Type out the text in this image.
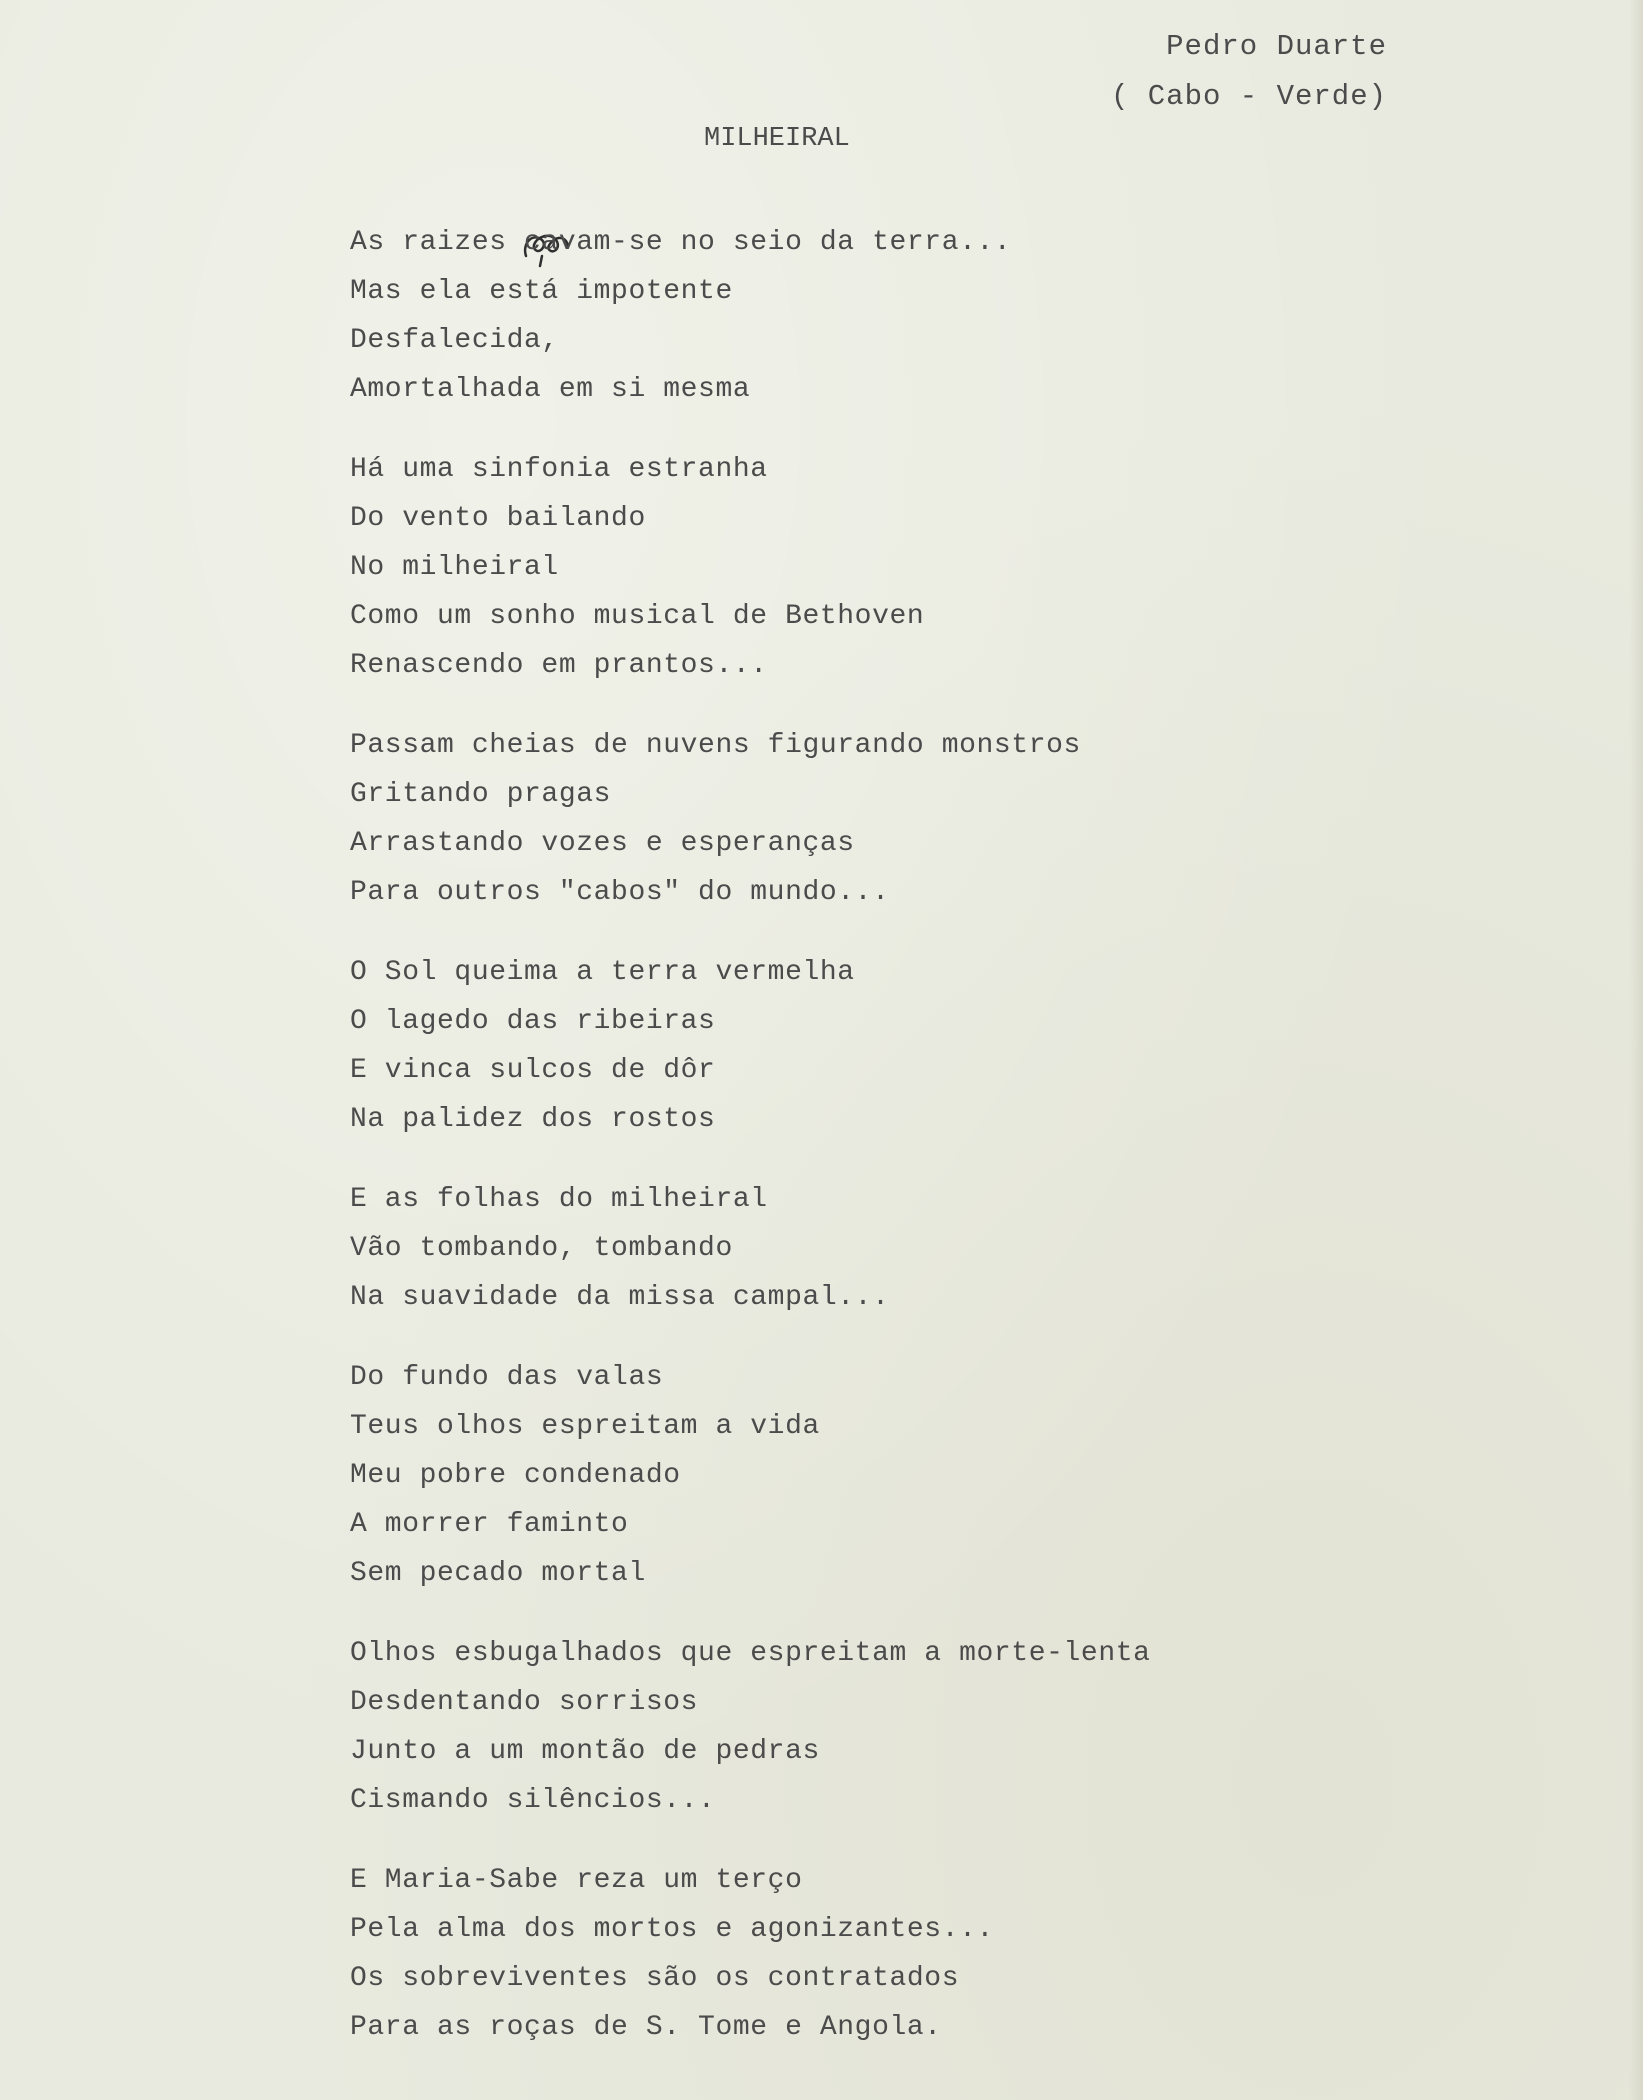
Pedro Duarte
( Cabo - Verde)
MILHEIRAL
As raizes cavam-se no seio da terra...
Mas ela está impotente
Desfalecida,
Amortalhada em si mesma
Há uma sinfonia estranha
Do vento bailando
No milheiral
Como um sonho musical de Bethoven
Renascendo em prantos...
Passam cheias de nuvens figurando monstros
Gritando pragas
Arrastando vozes e esperanças
Para outros "cabos" do mundo...
O Sol queima a terra vermelha
O lagedo das ribeiras
E vinca sulcos de dôr
Na palidez dos rostos
E as folhas do milheiral
Vão tombando, tombando
Na suavidade da missa campal...
Do fundo das valas
Teus olhos espreitam a vida
Meu pobre condenado
A morrer faminto
Sem pecado mortal
Olhos esbugalhados que espreitam a morte-lenta
Desdentando sorrisos
Junto a um montão de pedras
Cismando silêncios...
E Maria-Sabe reza um terço
Pela alma dos mortos e agonizantes...
Os sobreviventes são os contratados
Para as roças de S. Tome e Angola.
